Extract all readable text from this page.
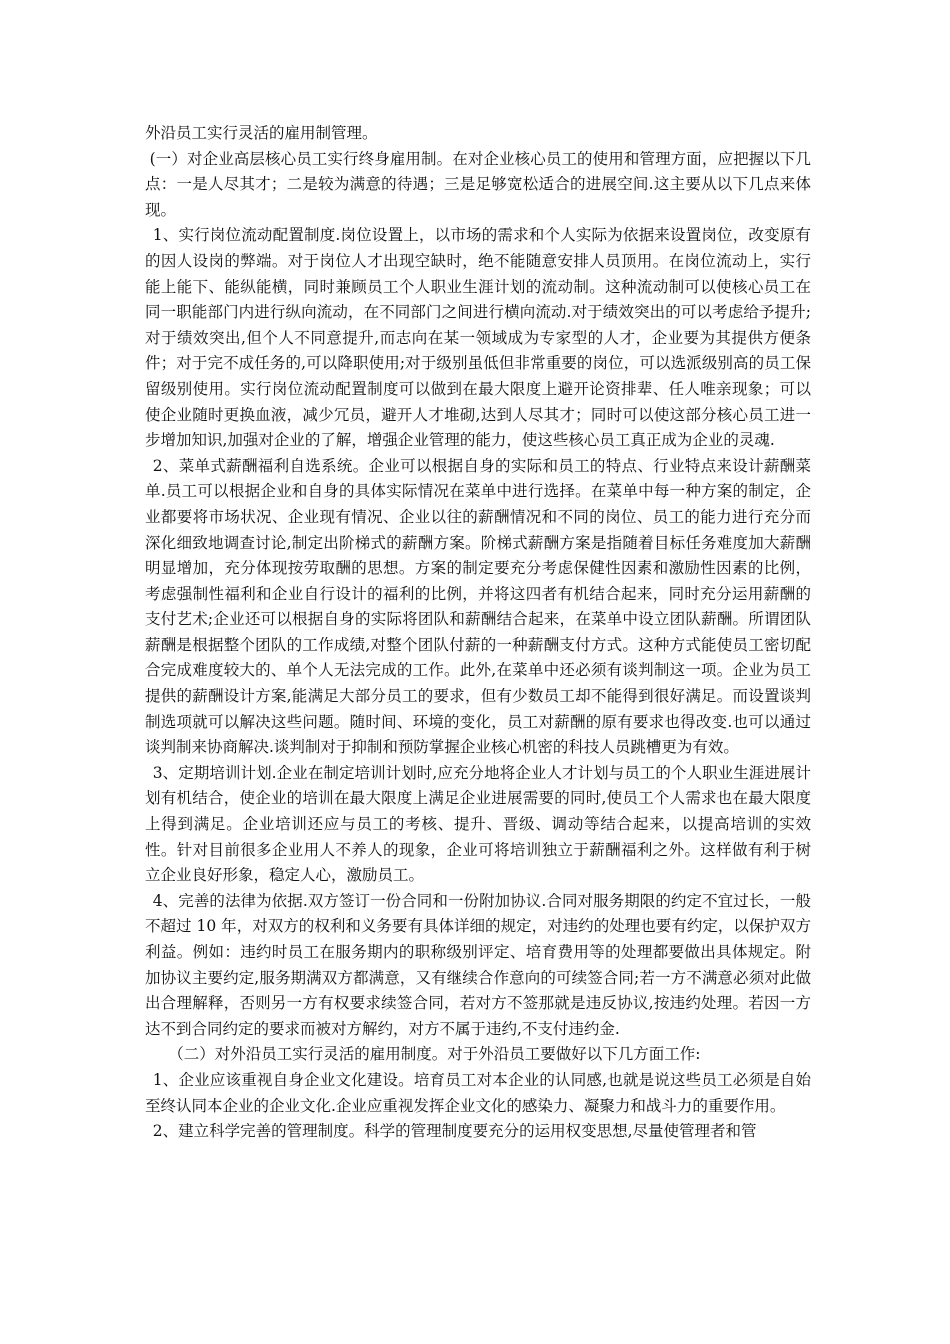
外沿员工实行灵活的雇用制管理。

(一）对企业高层核心员工实行终身雇用制。在对企业核心员工的使用和管理方面，应把握以下几点：一是人尽其才；二是较为满意的待遇；三是足够宽松适合的进展空间.这主要从以下几点来体现。

1、实行岗位流动配置制度.岗位设置上，以市场的需求和个人实际为依据来设置岗位，改变原有的因人设岗的弊端。对于岗位人才出现空缺时，绝不能随意安排人员顶用。在岗位流动上，实行能上能下、能纵能横，同时兼顾员工个人职业生涯计划的流动制。这种流动制可以使核心员工在同一职能部门内进行纵向流动，在不同部门之间进行横向流动.对于绩效突出的可以考虑给予提升;对于绩效突出,但个人不同意提升,而志向在某一领域成为专家型的人才，企业要为其提供方便条件；对于完不成任务的,可以降职使用;对于级别虽低但非常重要的岗位，可以选派级别高的员工保留级别使用。实行岗位流动配置制度可以做到在最大限度上避开论资排辈、任人唯亲现象；可以使企业随时更换血液，减少冗员，避开人才堆砌,达到人尽其才；同时可以使这部分核心员工进一步增加知识,加强对企业的了解，增强企业管理的能力，使这些核心员工真正成为企业的灵魂.

2、菜单式薪酬福利自选系统。企业可以根据自身的实际和员工的特点、行业特点来设计薪酬菜单.员工可以根据企业和自身的具体实际情况在菜单中进行选择。在菜单中每一种方案的制定，企业都要将市场状况、企业现有情况、企业以往的薪酬情况和不同的岗位、员工的能力进行充分而深化细致地调查讨论,制定出阶梯式的薪酬方案。阶梯式薪酬方案是指随着目标任务难度加大薪酬明显增加，充分体现按劳取酬的思想。方案的制定要充分考虑保健性因素和激励性因素的比例，考虑强制性福利和企业自行设计的福利的比例，并将这四者有机结合起来，同时充分运用薪酬的支付艺术;企业还可以根据自身的实际将团队和薪酬结合起来，在菜单中设立团队薪酬。所谓团队薪酬是根据整个团队的工作成绩,对整个团队付薪的一种薪酬支付方式。这种方式能使员工密切配合完成难度较大的、单个人无法完成的工作。此外,在菜单中还必须有谈判制这一项。企业为员工提供的薪酬设计方案,能满足大部分员工的要求，但有少数员工却不能得到很好满足。而设置谈判制选项就可以解决这些问题。随时间、环境的变化，员工对薪酬的原有要求也得改变.也可以通过谈判制来协商解决.谈判制对于抑制和预防掌握企业核心机密的科技人员跳槽更为有效。

3、定期培训计划.企业在制定培训计划时,应充分地将企业人才计划与员工的个人职业生涯进展计划有机结合，使企业的培训在最大限度上满足企业进展需要的同时,使员工个人需求也在最大限度上得到满足。企业培训还应与员工的考核、提升、晋级、调动等结合起来，以提高培训的实效性。针对目前很多企业用人不养人的现象，企业可将培训独立于薪酬福利之外。这样做有利于树立企业良好形象，稳定人心，激励员工。

4、完善的法律为依据.双方签订一份合同和一份附加协议.合同对服务期限的约定不宜过长，一般不超过 10 年，对双方的权利和义务要有具体详细的规定，对违约的处理也要有约定，以保护双方利益。例如：违约时员工在服务期内的职称级别评定、培育费用等的处理都要做出具体规定。附加协议主要约定,服务期满双方都满意，又有继续合作意向的可续签合同;若一方不满意必须对此做出合理解释，否则另一方有权要求续签合同，若对方不签那就是违反协议,按违约处理。若因一方达不到合同约定的要求而被对方解约，对方不属于违约,不支付违约金.

（二）对外沿员工实行灵活的雇用制度。对于外沿员工要做好以下几方面工作:

1、企业应该重视自身企业文化建设。培育员工对本企业的认同感,也就是说这些员工必须是自始至终认同本企业的企业文化.企业应重视发挥企业文化的感染力、凝聚力和战斗力的重要作用。

2、建立科学完善的管理制度。科学的管理制度要充分的运用权变思想,尽量使管理者和管
